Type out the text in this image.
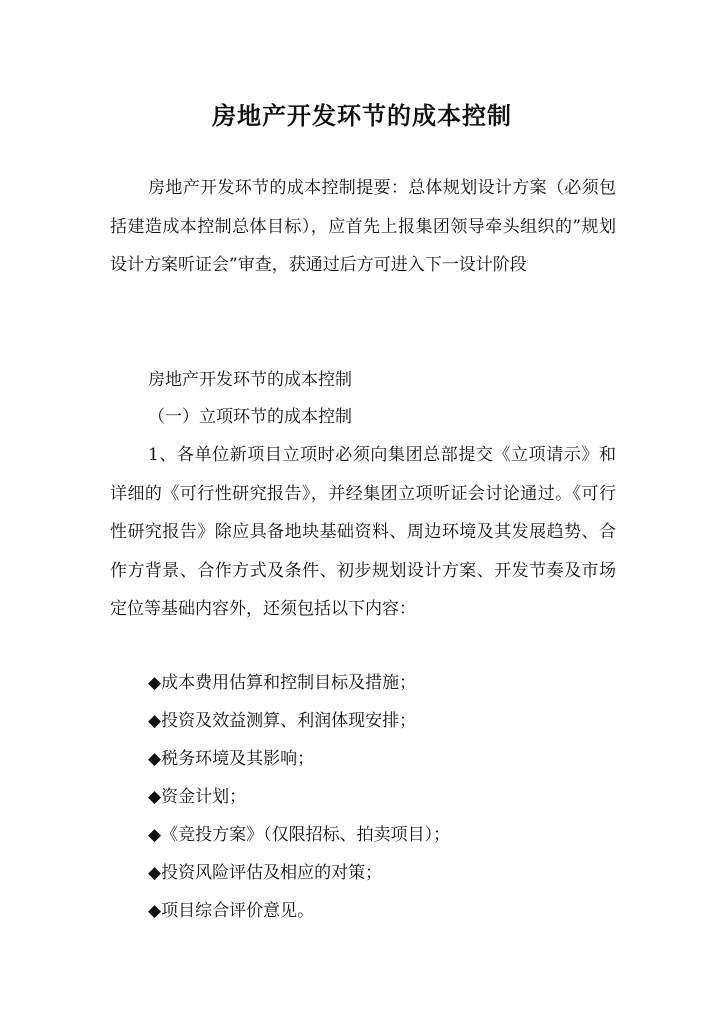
房地产开发环节的成本控制

房地产开发环节的成本控制提要：总体规划设计方案（必须包括建造成本控制总体目标），应首先上报集团领导牵头组织的”规划设计方案听证会”审查，获通过后方可进入下一设计阶段

房地产开发环节的成本控制

（一）立项环节的成本控制

1、各单位新项目立项时必须向集团总部提交《立项请示》和详细的《可行性研究报告》，并经集团立项听证会讨论通过。《可行性研究报告》除应具备地块基础资料、周边环境及其发展趋势、合作方背景、合作方式及条件、初步规划设计方案、开发节奏及市场定位等基础内容外，还须包括以下内容：

◆成本费用估算和控制目标及措施；

◆投资及效益测算、利润体现安排；

◆税务环境及其影响；

◆资金计划；

◆《竞投方案》（仅限招标、拍卖项目）；

◆投资风险评估及相应的对策；

◆项目综合评价意见。
